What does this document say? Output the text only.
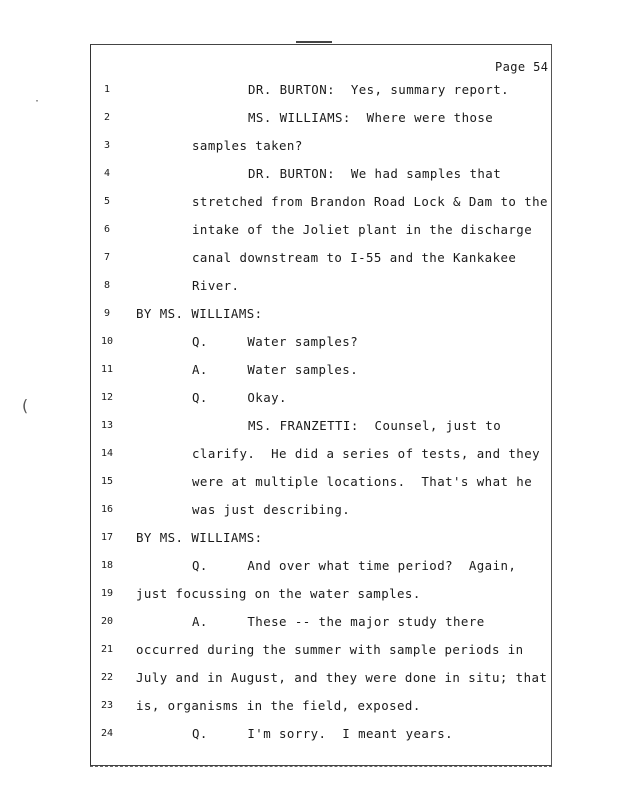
Page 54
1	DR. BURTON:  Yes, summary report.
2	MS. WILLIAMS:  Where were those
3	samples taken?
4	DR. BURTON:  We had samples that
5	stretched from Brandon Road Lock & Dam to the
6	intake of the Joliet plant in the discharge
7	canal downstream to I-55 and the Kankakee
8	River.
9	BY MS. WILLIAMS:
10	Q.     Water samples?
11	A.     Water samples.
12	Q.     Okay.
13	MS. FRANZETTI:  Counsel, just to
14	clarify.  He did a series of tests, and they
15	were at multiple locations.  That's what he
16	was just describing.
17 BY MS. WILLIAMS:
18	Q.     And over what time period?  Again,
19 just focussing on the water samples.
20	A.     These -- the major study there
21 occurred during the summer with sample periods in
22 July and in August, and they were done in situ; that
23 is, organisms in the field, exposed.
24	Q.     I'm sorry.  I meant years.
·
(
